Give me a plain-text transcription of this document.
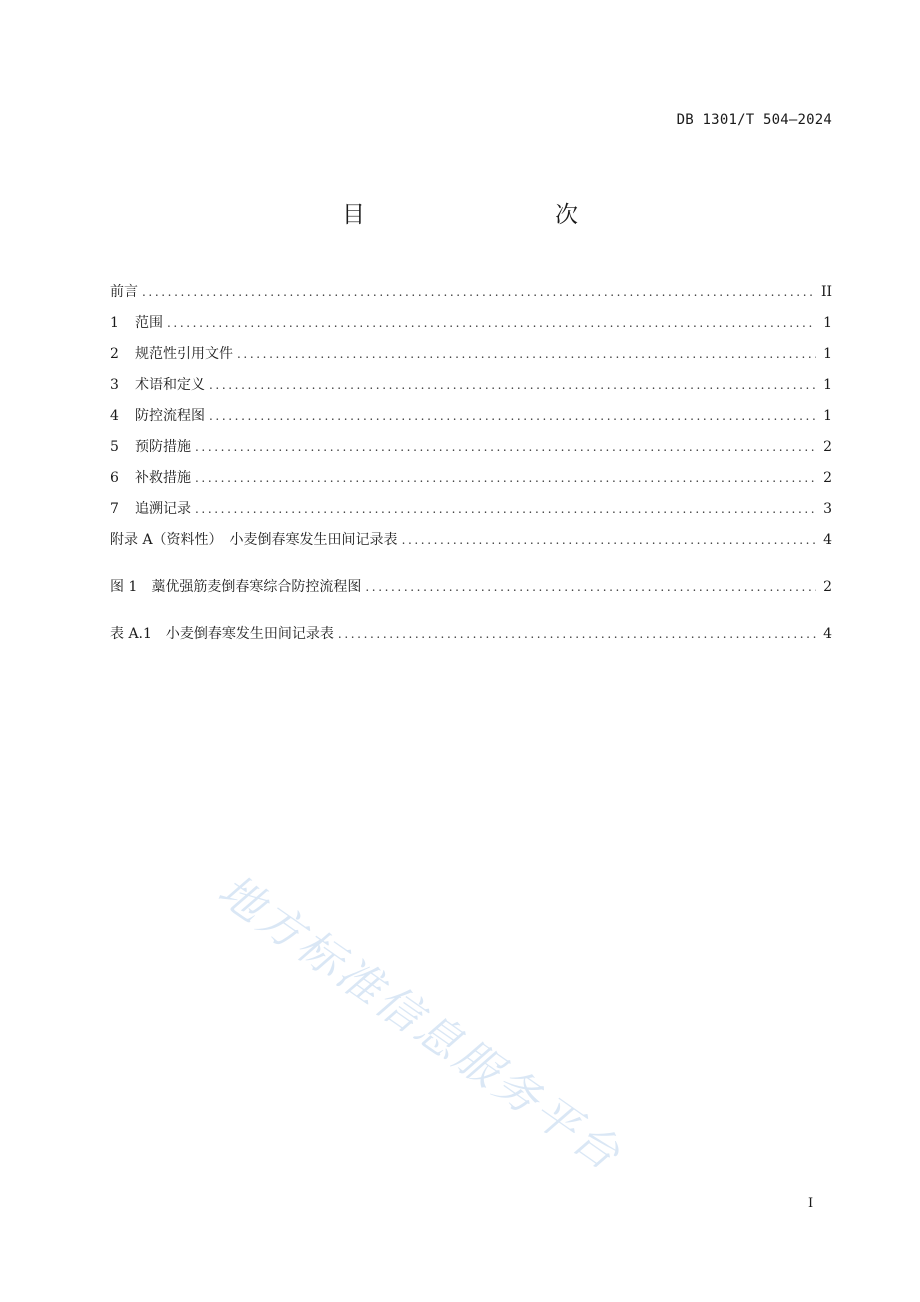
DB 1301/T 504—2024
目　　次
前言 .....	II
1	范围 .....	1
2	规范性引用文件 .....	1
3	术语和定义 .....	1
4	防控流程图 .....	1
5	预防措施 .....	2
6	补救措施 .....	2
7	追溯记录 .....	3
附录 A（资料性）　小麦倒春寒发生田间记录表 .....	4
图 1　藁优强筋麦倒春寒综合防控流程图 .....	2
表 A.1　小麦倒春寒发生田间记录表 .....	4
地方标准信息服务平台
I
